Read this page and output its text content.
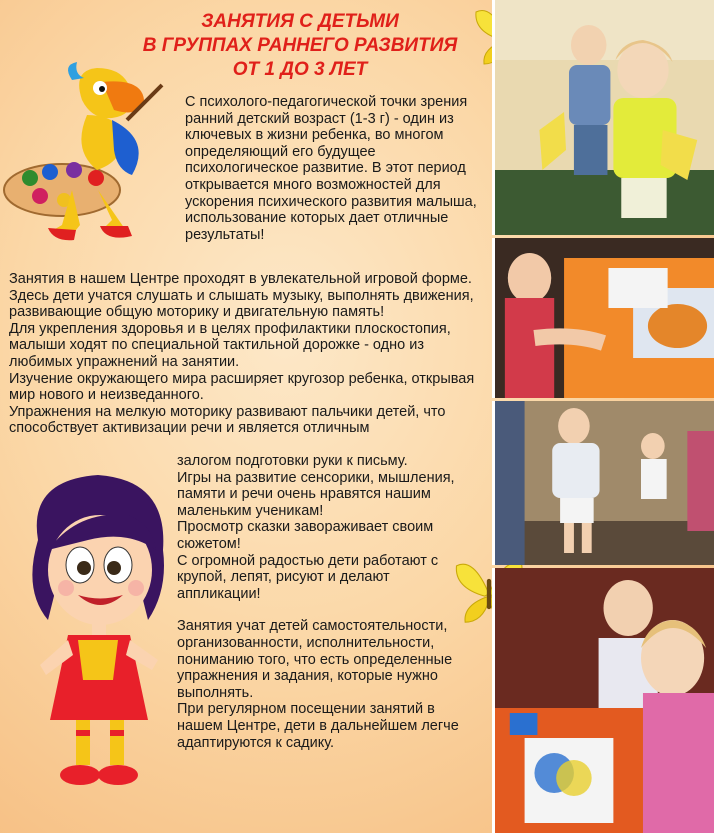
ЗАНЯТИЯ С ДЕТЬМИ
В ГРУППАХ РАННЕГО РАЗВИТИЯ
ОТ 1 ДО 3 ЛЕТ
С психолого-педагогической точки зрения ранний детский возраст (1-3 г) - один из ключевых в жизни ребенка, во многом определяющий его будущее психологическое развитие. В этот период открывается много возможностей для ускорения психического развития малыша, использование которых дает отличные результаты!
Занятия в нашем Центре проходят в увлекательной игровой форме. Здесь дети учатся слушать и слышать музыку, выполнять движения, развивающие общую моторику и двигательную память!
Для укрепления здоровья и в целях профилактики плоскостопия, малыши ходят по специальной тактильной дорожке - одно из любимых упражнений на занятии.
Изучение окружающего мира расширяет кругозор ребенка, открывая мир нового и неизведанного.
Упражнения на мелкую моторику развивают пальчики детей, что способствует активизации речи и является отличным
залогом подготовки руки к письму.
Игры на развитие сенсорики, мышления, памяти и речи очень нравятся нашим маленьким ученикам!
Просмотр сказки завораживает своим сюжетом!
С огромной радостью дети работают с крупой, лепят, рисуют и делают аппликации!
Занятия учат детей самостоятельности, организованности, исполнительности, пониманию того, что есть определенные упражнения и задания, которые нужно выполнять.
При регулярном посещении занятий в нашем Центре, дети в дальнейшем легче адаптируются к садику.
